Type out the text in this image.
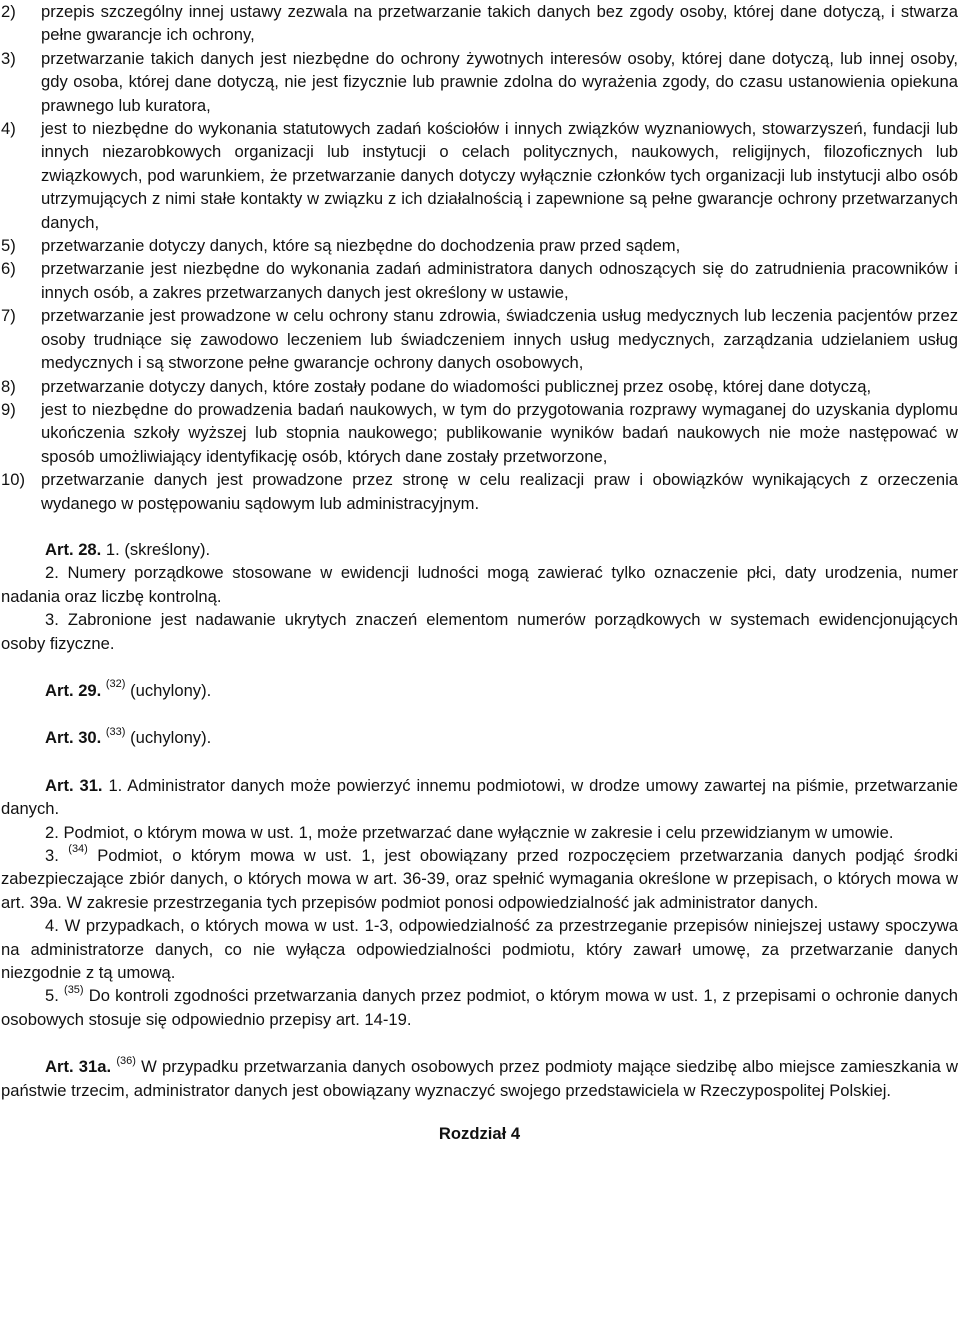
2) przepis szczególny innej ustawy zezwala na przetwarzanie takich danych bez zgody osoby, której dane dotyczą, i stwarza pełne gwarancje ich ochrony,
3) przetwarzanie takich danych jest niezbędne do ochrony żywotnych interesów osoby, której dane dotyczą, lub innej osoby, gdy osoba, której dane dotyczą, nie jest fizycznie lub prawnie zdolna do wyrażenia zgody, do czasu ustanowienia opiekuna prawnego lub kuratora,
4) jest to niezbędne do wykonania statutowych zadań kościołów i innych związków wyznaniowych, stowarzyszeń, fundacji lub innych niezarobkowych organizacji lub instytucji o celach politycznych, naukowych, religijnych, filozoficznych lub związkowych, pod warunkiem, że przetwarzanie danych dotyczy wyłącznie członków tych organizacji lub instytucji albo osób utrzymujących z nimi stałe kontakty w związku z ich działalnością i zapewnione są pełne gwarancje ochrony przetwarzanych danych,
5) przetwarzanie dotyczy danych, które są niezbędne do dochodzenia praw przed sądem,
6) przetwarzanie jest niezbędne do wykonania zadań administratora danych odnoszących się do zatrudnienia pracowników i innych osób, a zakres przetwarzanych danych jest określony w ustawie,
7) przetwarzanie jest prowadzone w celu ochrony stanu zdrowia, świadczenia usług medycznych lub leczenia pacjentów przez osoby trudniące się zawodowo leczeniem lub świadczeniem innych usług medycznych, zarządzania udzielaniem usług medycznych i są stworzone pełne gwarancje ochrony danych osobowych,
8) przetwarzanie dotyczy danych, które zostały podane do wiadomości publicznej przez osobę, której dane dotyczą,
9) jest to niezbędne do prowadzenia badań naukowych, w tym do przygotowania rozprawy wymaganej do uzyskania dyplomu ukończenia szkoły wyższej lub stopnia naukowego; publikowanie wyników badań naukowych nie może następować w sposób umożliwiający identyfikację osób, których dane zostały przetworzone,
10) przetwarzanie danych jest prowadzone przez stronę w celu realizacji praw i obowiązków wynikających z orzeczenia wydanego w postępowaniu sądowym lub administracyjnym.

Art. 28. 1. (skreślony).

2. Numery porządkowe stosowane w ewidencji ludności mogą zawierać tylko oznaczenie płci, daty urodzenia, numer nadania oraz liczbę kontrolną.

3. Zabronione jest nadawanie ukrytych znaczeń elementom numerów porządkowych w systemach ewidencjonujących osoby fizyczne.

Art. 29. $^{(32)}$ (uchylony).

Art. 30. $^{(33)}$ (uchylony).

Art. 31. 1. Administrator danych może powierzyć innemu podmiotowi, w drodze umowy zawartej na piśmie, przetwarzanie danych.

2. Podmiot, o którym mowa w ust. 1, może przetwarzać dane wyłącznie w zakresie i celu przewidzianym w umowie.

3. $^{(34)}$ Podmiot, o którym mowa w ust. 1, jest obowiązany przed rozpoczęciem przetwarzania danych podjąć środki zabezpieczające zbiór danych, o których mowa w art. 36-39, oraz spełnić wymagania określone w przepisach, o których mowa w art. 39a. W zakresie przestrzegania tych przepisów podmiot ponosi odpowiedzialność jak administrator danych.

4. W przypadkach, o których mowa w ust. 1-3, odpowiedzialność za przestrzeganie przepisów niniejszej ustawy spoczywa na administratorze danych, co nie wyłącza odpowiedzialności podmiotu, który zawarł umowę, za przetwarzanie danych niezgodnie z tą umową.

5. $^{(35)}$ Do kontroli zgodności przetwarzania danych przez podmiot, o którym mowa w ust. 1, z przepisami o ochronie danych osobowych stosuje się odpowiednio przepisy art. 14-19.

Art. 31a. $^{(36)}$ W przypadku przetwarzania danych osobowych przez podmioty mające siedzibę albo miejsce zamieszkania w państwie trzecim, administrator danych jest obowiązany wyznaczyć swojego przedstawiciela w Rzeczypospolitej Polskiej.

Rozdział 4
